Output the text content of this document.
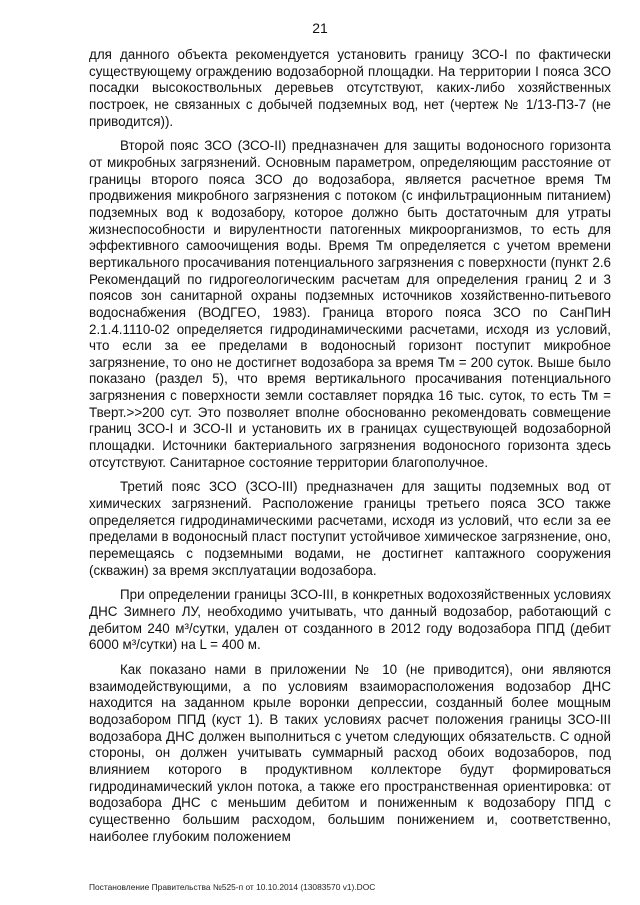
21

для данного объекта рекомендуется установить границу ЗСО-I по фактически существующему ограждению водозаборной площадки. На территории I пояса ЗСО посадки высокоствольных деревьев отсутствуют, каких-либо хозяйственных построек, не связанных с добычей подземных вод, нет (чертеж № 1/13-ПЗ-7 (не приводится)).

Второй пояс ЗСО (ЗСО-II) предназначен для защиты водоносного горизонта от микробных загрязнений. Основным параметром, определяющим расстояние от границы второго пояса ЗСО до водозабора, является расчетное время Тм продвижения микробного загрязнения с потоком (с инфильтрационным питанием) подземных вод к водозабору, которое должно быть достаточным для утраты жизнеспособности и вирулентности патогенных микроорганизмов, то есть для эффективного самоочищения воды. Время Тм определяется с учетом времени вертикального просачивания потенциального загрязнения с поверхности (пункт 2.6 Рекомендаций по гидрогеологическим расчетам для определения границ 2 и 3 поясов зон санитарной охраны подземных источников хозяйственно-питьевого водоснабжения (ВОДГЕО, 1983). Граница второго пояса ЗСО по СанПиН 2.1.4.1110-02 определяется гидродинамическими расчетами, исходя из условий, что если за ее пределами в водоносный горизонт поступит микробное загрязнение, то оно не достигнет водозабора за время Тм = 200 суток. Выше было показано (раздел 5), что время вертикального просачивания потенциального загрязнения с поверхности земли составляет порядка 16 тыс. суток, то есть Тм = Тверт.>>200 сут. Это позволяет вполне обоснованно рекомендовать совмещение границ ЗСО-I и ЗСО-II и установить их в границах существующей водозаборной площадки. Источники бактериального загрязнения водоносного горизонта здесь отсутствуют. Санитарное состояние территории благополучное.

Третий пояс ЗСО (ЗСО-III) предназначен для защиты подземных вод от химических загрязнений. Расположение границы третьего пояса ЗСО также определяется гидродинамическими расчетами, исходя из условий, что если за ее пределами в водоносный пласт поступит устойчивое химическое загрязнение, оно, перемещаясь с подземными водами, не достигнет каптажного сооружения (скважин) за время эксплуатации водозабора.

При определении границы ЗСО-III, в конкретных водохозяйственных условиях ДНС Зимнего ЛУ, необходимо учитывать, что данный водозабор, работающий с дебитом 240 м³/сутки, удален от созданного в 2012 году водозабора ППД (дебит 6000 м³/сутки) на L = 400 м.

Как показано нами в приложении № 10 (не приводится), они являются взаимодействующими, а по условиям взаиморасположения водозабор ДНС находится на заданном крыле воронки депрессии, созданный более мощным водозабором ППД (куст 1). В таких условиях расчет положения границы ЗСО-III водозабора ДНС должен выполниться с учетом следующих обязательств. С одной стороны, он должен учитывать суммарный расход обоих водозаборов, под влиянием которого в продуктивном коллекторе будут формироваться гидродинамический уклон потока, а также его пространственная ориентировка: от водозабора ДНС с меньшим дебитом и пониженным к водозабору ППД с существенно большим расходом, большим понижением и, соответственно, наиболее глубоким положением

Постановление Правительства №525-п от 10.10.2014 (13083570 v1).DOC
